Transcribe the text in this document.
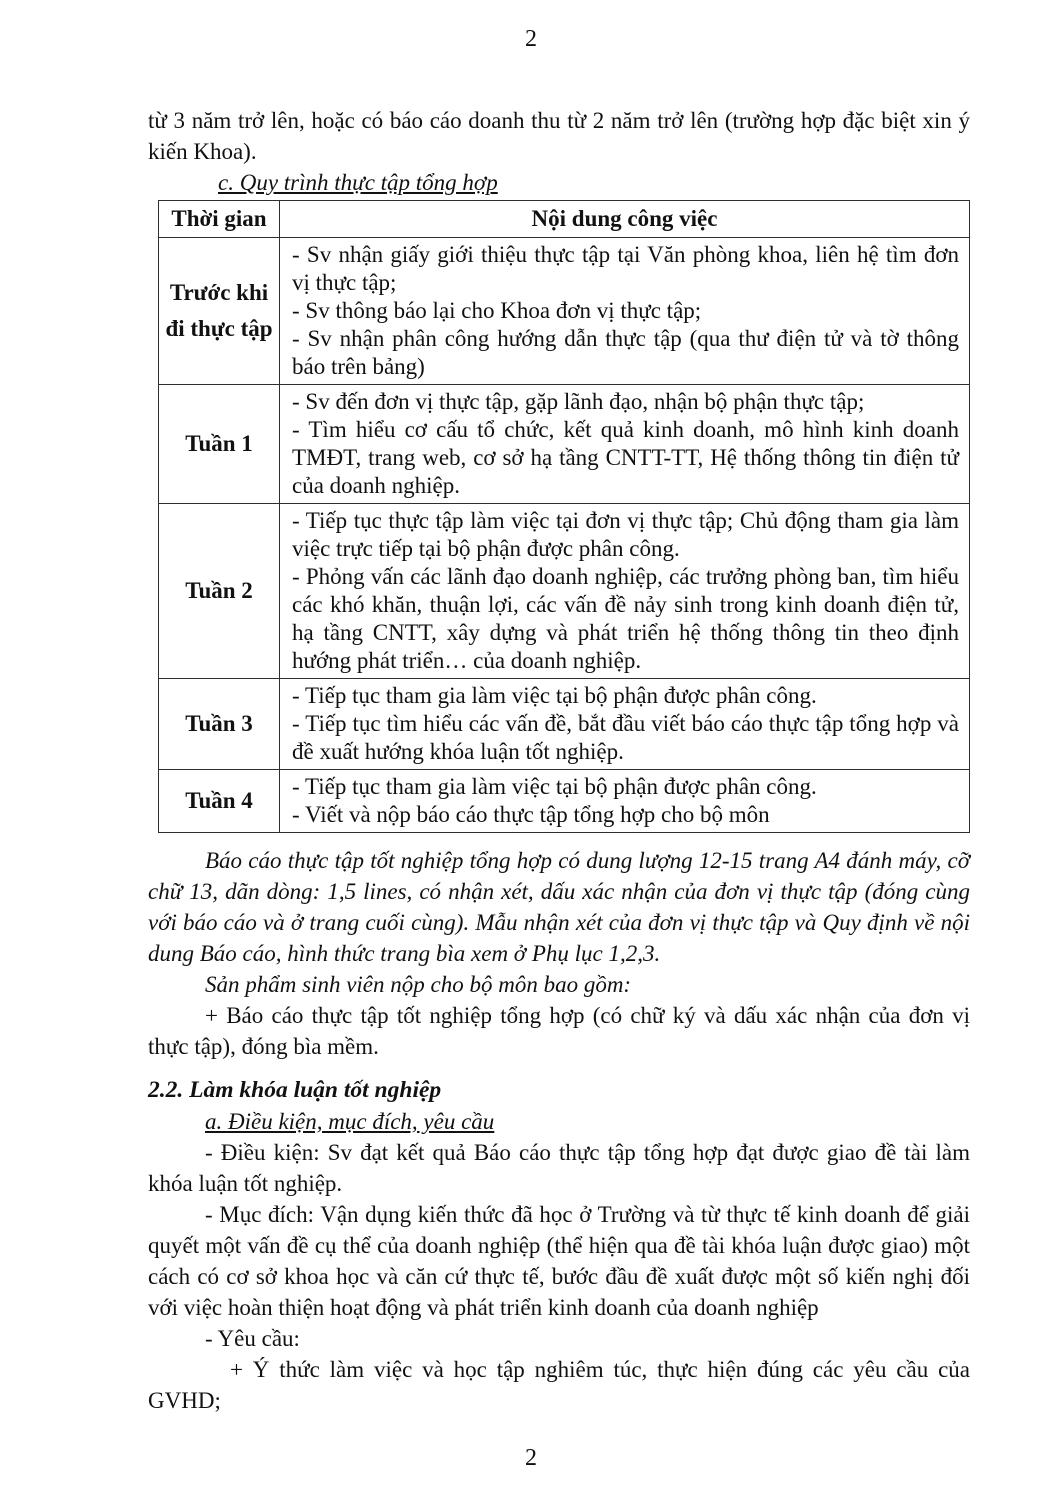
2

từ 3 năm trở lên, hoặc có báo cáo doanh thu từ 2 năm trở lên (trường hợp đặc biệt xin ý kiến Khoa).

c. Quy trình thực tập tổng hợp

Thời gian	Nội dung công việc
Trước khi đi thực tập	- Sv nhận giấy giới thiệu thực tập tại Văn phòng khoa, liên hệ tìm đơn vị thực tập;
- Sv thông báo lại cho Khoa đơn vị thực tập;
- Sv nhận phân công hướng dẫn thực tập (qua thư điện tử và tờ thông báo trên bảng)

Tuần 1	- Sv đến đơn vị thực tập, gặp lãnh đạo, nhận bộ phận thực tập;
- Tìm hiểu cơ cấu tổ chức, kết quả kinh doanh, mô hình kinh doanh TMĐT, trang web, cơ sở hạ tầng CNTT-TT, Hệ thống thông tin điện tử của doanh nghiệp.

Tuần 2	- Tiếp tục thực tập làm việc tại đơn vị thực tập; Chủ động tham gia làm việc trực tiếp tại bộ phận được phân công.
- Phỏng vấn các lãnh đạo doanh nghiệp, các trưởng phòng ban, tìm hiểu các khó khăn, thuận lợi, các vấn đề nảy sinh trong kinh doanh điện tử, hạ tầng CNTT, xây dựng và phát triển hệ thống thông tin theo định hướng phát triển… của doanh nghiệp.

Tuần 3	- Tiếp tục tham gia làm việc tại bộ phận được phân công.
- Tiếp tục tìm hiểu các vấn đề, bắt đầu viết báo cáo thực tập tổng hợp và đề xuất hướng khóa luận tốt nghiệp.

Tuần 4	- Tiếp tục tham gia làm việc tại bộ phận được phân công.
- Viết và nộp báo cáo thực tập tổng hợp cho bộ môn

Báo cáo thực tập tốt nghiệp tổng hợp có dung lượng 12-15 trang A4 đánh máy, cỡ chữ 13, dãn dòng: 1,5 lines, có nhận xét, dấu xác nhận của đơn vị thực tập (đóng cùng với báo cáo và ở trang cuối cùng). Mẫu nhận xét của đơn vị thực tập và Quy định về nội dung Báo cáo, hình thức trang bìa xem ở Phụ lục 1,2,3.

Sản phẩm sinh viên nộp cho bộ môn bao gồm:

+ Báo cáo thực tập tốt nghiệp tổng hợp (có chữ ký và dấu xác nhận của đơn vị thực tập), đóng bìa mềm.

2.2. Làm khóa luận tốt nghiệp

a. Điều kiện, mục đích, yêu cầu

- Điều kiện: Sv đạt kết quả Báo cáo thực tập tổng hợp đạt được giao đề tài làm khóa luận tốt nghiệp.

- Mục đích: Vận dụng kiến thức đã học ở Trường và từ thực tế kinh doanh để giải quyết một vấn đề cụ thể của doanh nghiệp (thể hiện qua đề tài khóa luận được giao) một cách có cơ sở khoa học và căn cứ thực tế, bước đầu đề xuất được một số kiến nghị đối với việc hoàn thiện hoạt động và phát triển kinh doanh của doanh nghiệp

- Yêu cầu:

+ Ý thức làm việc và học tập nghiêm túc, thực hiện đúng các yêu cầu của GVHD;

2
